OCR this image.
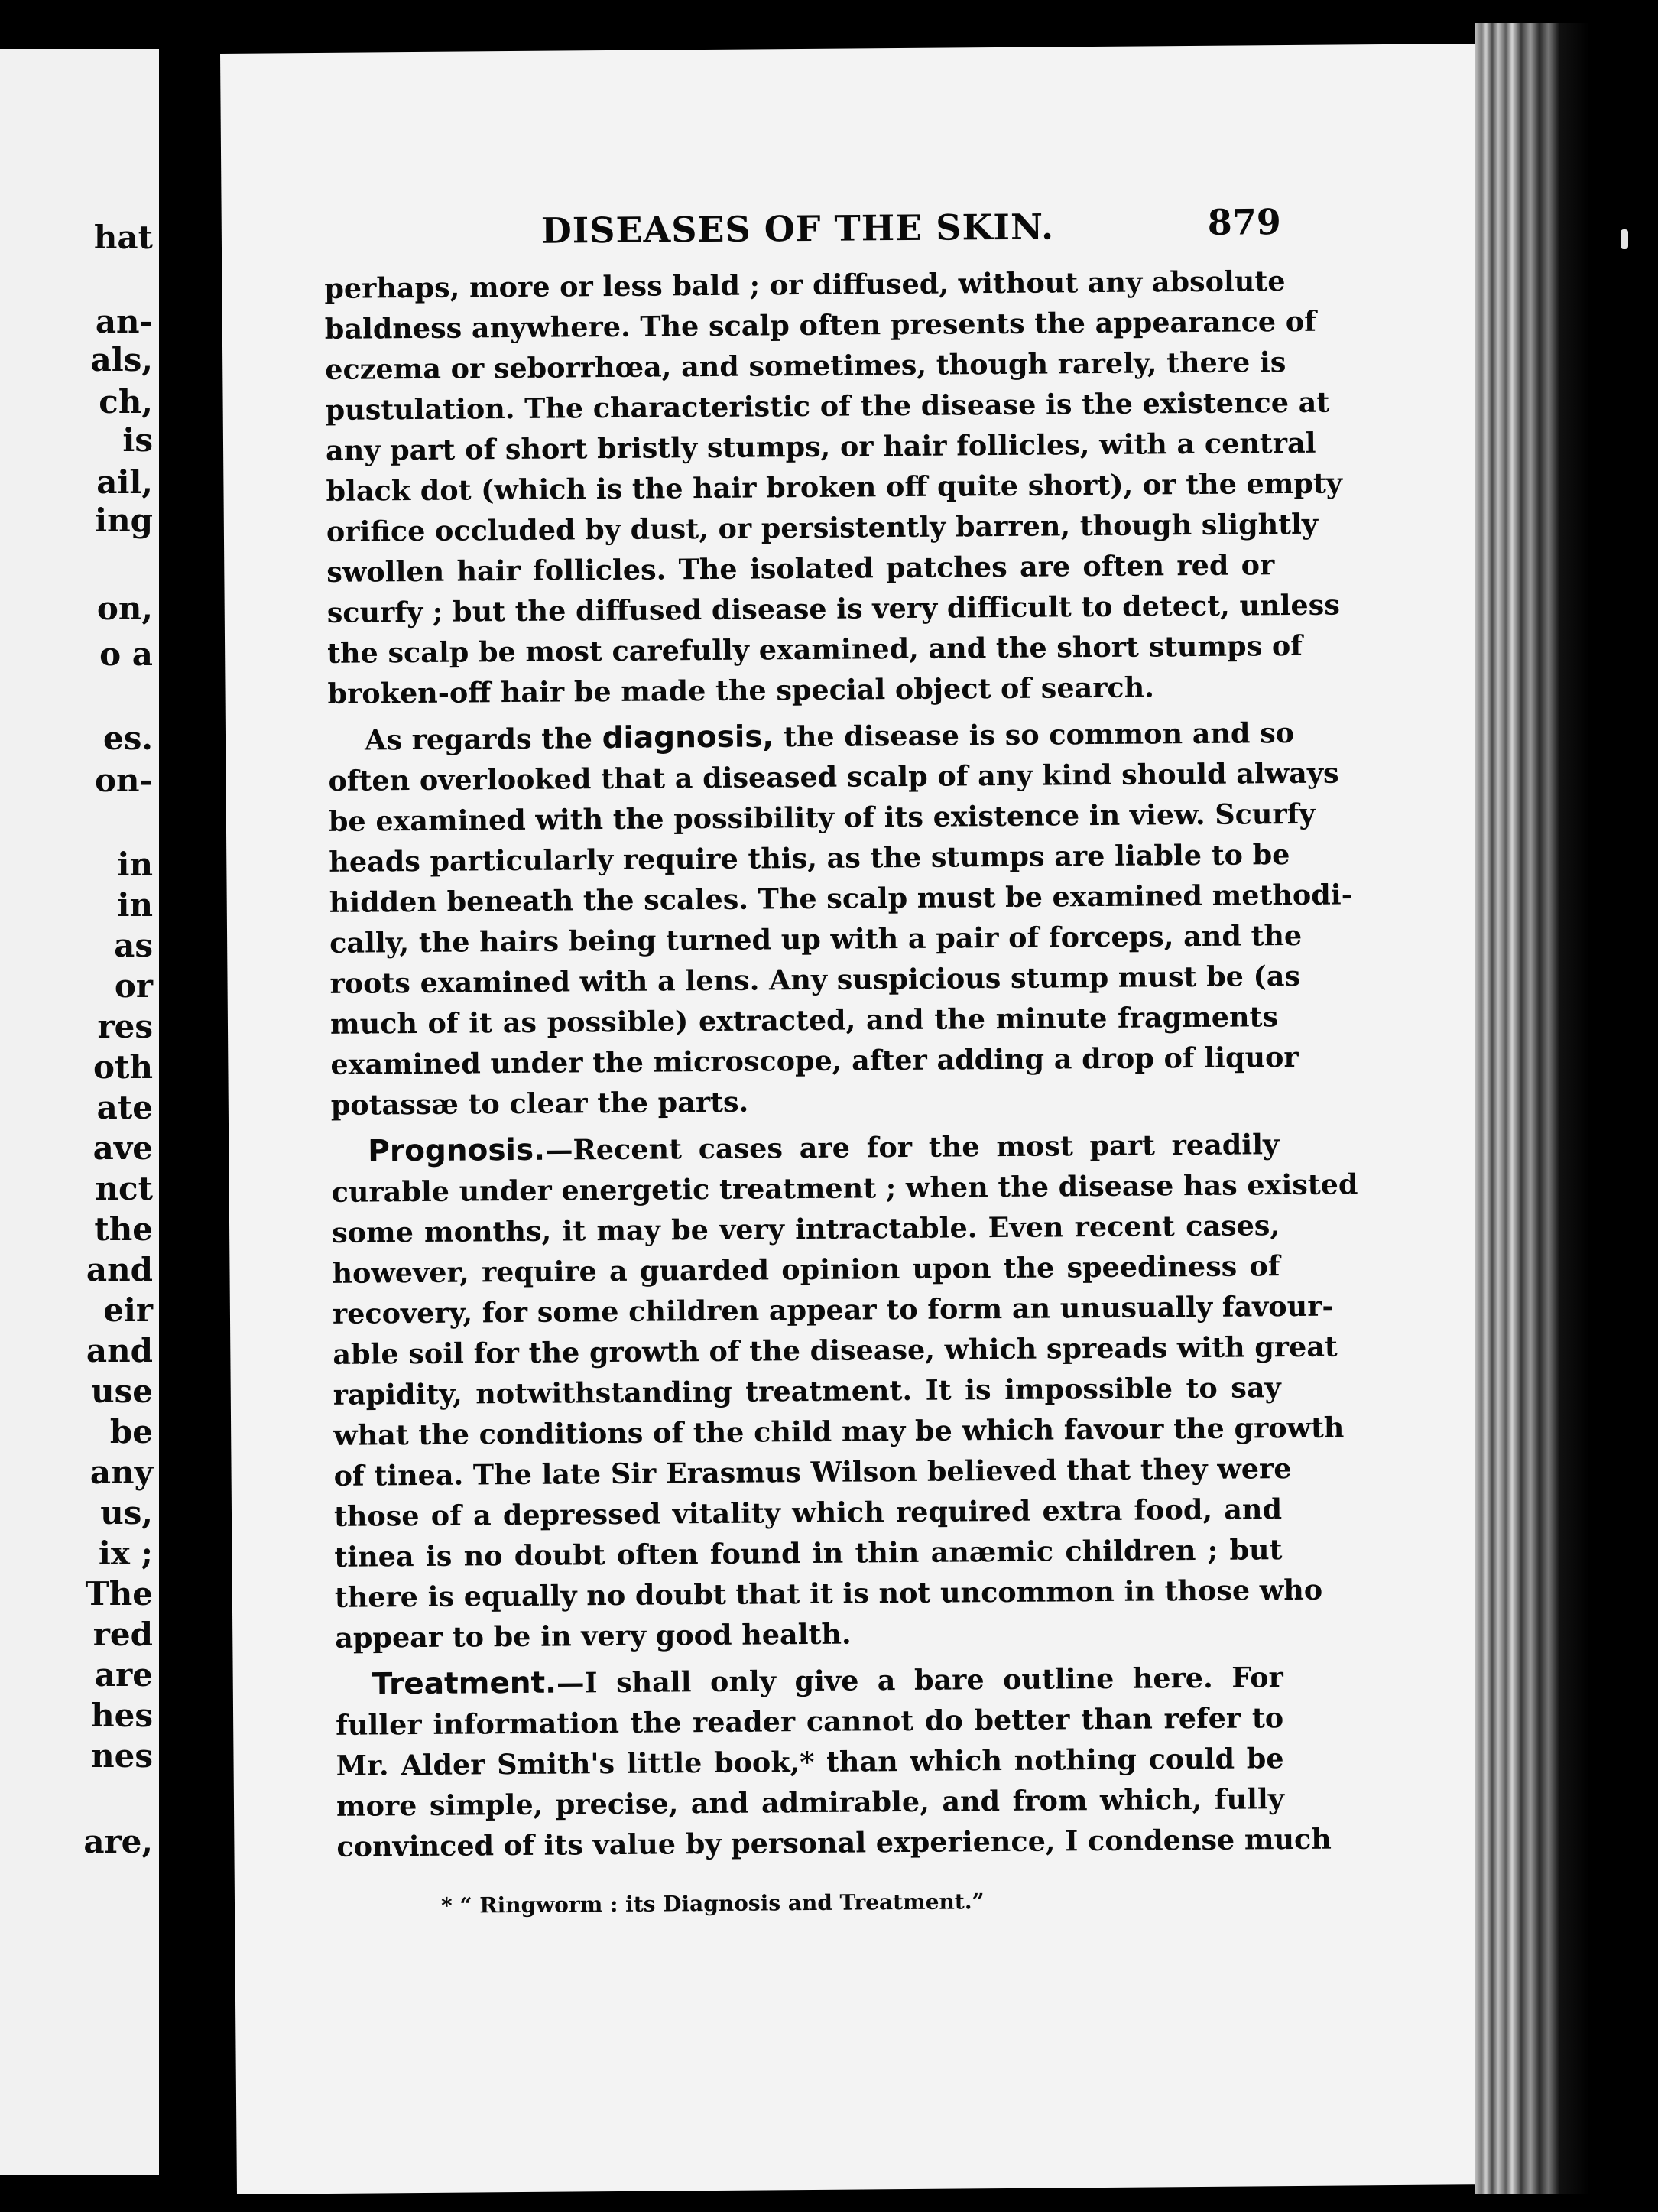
hat
an-
als,
ch,
is
ail,
ing
on,
o a
es.
on-
in
in
as
or
res
oth
ate
ave
nct
the
and
eir
and
use
be
any
us,
ix ;
The
red
are
hes
nes
are,
DISEASES OF THE SKIN.	879
perhaps, more or less bald ; or diffused, without any absolute
baldness anywhere. The scalp often presents the appearance of
eczema or seborrhœa, and sometimes, though rarely, there is
pustulation. The characteristic of the disease is the existence at
any part of short bristly stumps, or hair follicles, with a central
black dot (which is the hair broken off quite short), or the empty
orifice occluded by dust, or persistently barren, though slightly
swollen hair follicles. The isolated patches are often red or
scurfy ; but the diffused disease is very difficult to detect, unless
the scalp be most carefully examined, and the short stumps of
broken-off hair be made the special object of search.
As regards the diagnosis, the disease is so common and so
often overlooked that a diseased scalp of any kind should always
be examined with the possibility of its existence in view. Scurfy
heads particularly require this, as the stumps are liable to be
hidden beneath the scales. The scalp must be examined methodi-
cally, the hairs being turned up with a pair of forceps, and the
roots examined with a lens. Any suspicious stump must be (as
much of it as possible) extracted, and the minute fragments
examined under the microscope, after adding a drop of liquor
potassæ to clear the parts.
Prognosis.—Recent cases are for the most part readily
curable under energetic treatment ; when the disease has existed
some months, it may be very intractable. Even recent cases,
however, require a guarded opinion upon the speediness of
recovery, for some children appear to form an unusually favour-
able soil for the growth of the disease, which spreads with great
rapidity, notwithstanding treatment. It is impossible to say
what the conditions of the child may be which favour the growth
of tinea. The late Sir Erasmus Wilson believed that they were
those of a depressed vitality which required extra food, and
tinea is no doubt often found in thin anæmic children ; but
there is equally no doubt that it is not uncommon in those who
appear to be in very good health.
Treatment.—I shall only give a bare outline here. For
fuller information the reader cannot do better than refer to
Mr. Alder Smith's little book,* than which nothing could be
more simple, precise, and admirable, and from which, fully
convinced of its value by personal experience, I condense much
* “ Ringworm : its Diagnosis and Treatment.”
